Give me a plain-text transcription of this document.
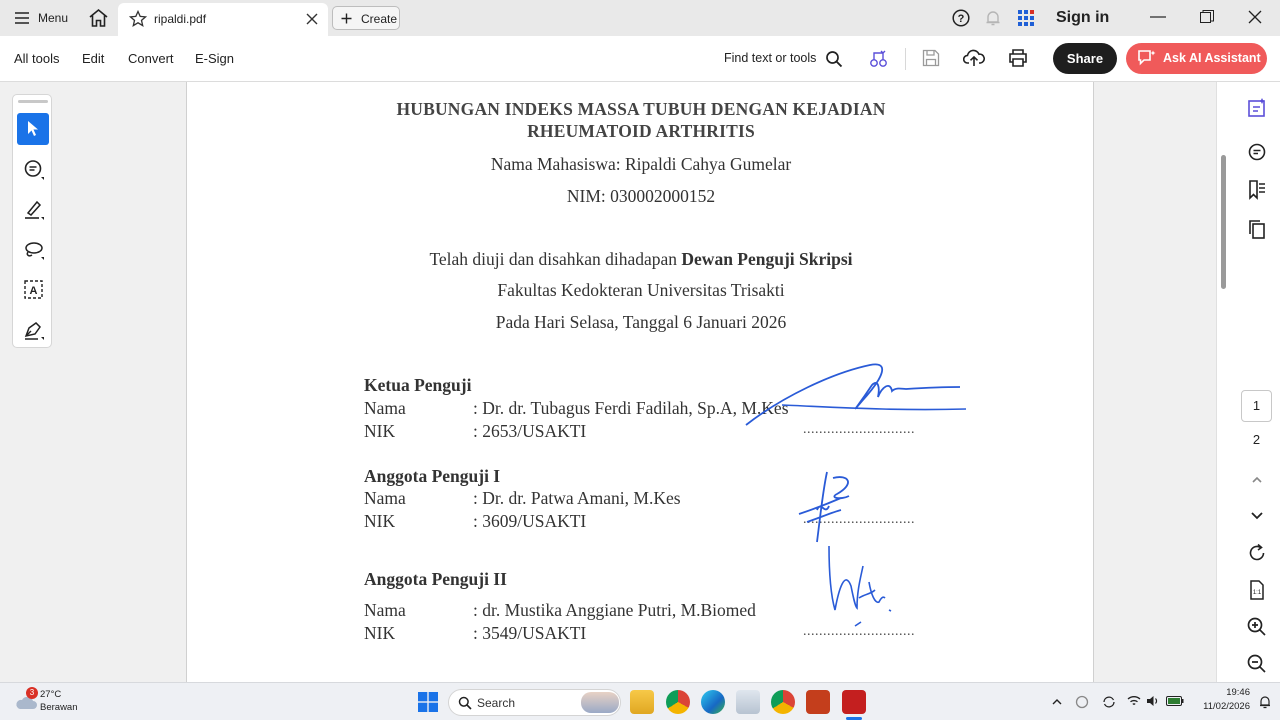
Menu	ripaldi.pdf	Create	?	Sign in
All tools Edit Convert E-Sign	Find text or tools	Share	Ask AI Assistant
HUBUNGAN INDEKS MASSA TUBUH DENGAN KEJADIAN
RHEUMATOID ARTHRITIS
Nama Mahasiswa: Ripaldi Cahya Gumelar
NIM: 030002000152
Telah diuji dan disahkan dihadapan Dewan Penguji Skripsi
Fakultas Kedokteran Universitas Trisakti
Pada Hari Selasa, Tanggal 6 Januari 2026
Ketua Penguji
Nama	: Dr. dr. Tubagus Ferdi Fadilah, Sp.A, M.Kes
NIK	: 2653/USAKTI	............................
Anggota Penguji I
Nama	: Dr. dr. Patwa Amani, M.Kes
NIK	: 3609/USAKTI	............................
Anggota Penguji II
Nama	: dr. Mustika Anggiane Putri, M.Biomed
NIK	: 3549/USAKTI	............................
A
1
2
1:1
3 27°C
Berawan	Search
19:46
11/02/2026
